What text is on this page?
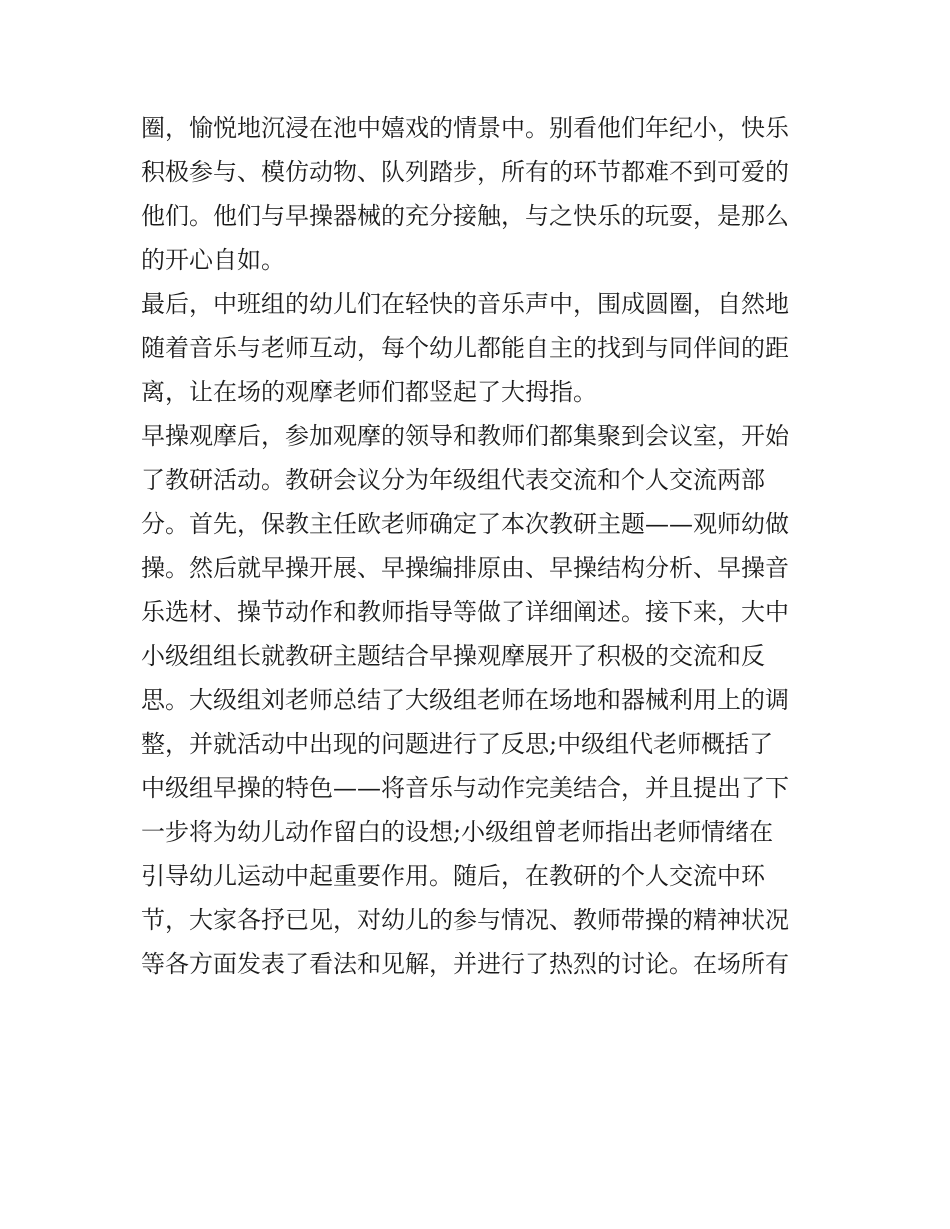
圈，愉悦地沉浸在池中嬉戏的情景中。别看他们年纪小，快乐
积极参与、模仿动物、队列踏步，所有的环节都难不到可爱的
他们。他们与早操器械的充分接触，与之快乐的玩耍，是那么
的开心自如。
最后，中班组的幼儿们在轻快的音乐声中，围成圆圈，自然地
随着音乐与老师互动，每个幼儿都能自主的找到与同伴间的距
离，让在场的观摩老师们都竖起了大拇指。
早操观摩后，参加观摩的领导和教师们都集聚到会议室，开始
了教研活动。教研会议分为年级组代表交流和个人交流两部
分。首先，保教主任欧老师确定了本次教研主题——观师幼做
操。然后就早操开展、早操编排原由、早操结构分析、早操音
乐选材、操节动作和教师指导等做了详细阐述。接下来，大中
小级组组长就教研主题结合早操观摩展开了积极的交流和反
思。大级组刘老师总结了大级组老师在场地和器械利用上的调
整，并就活动中出现的问题进行了反思;中级组代老师概括了
中级组早操的特色——将音乐与动作完美结合，并且提出了下
一步将为幼儿动作留白的设想;小级组曾老师指出老师情绪在
引导幼儿运动中起重要作用。随后，在教研的个人交流中环
节，大家各抒已见，对幼儿的参与情况、教师带操的精神状况
等各方面发表了看法和见解，并进行了热烈的讨论。在场所有
